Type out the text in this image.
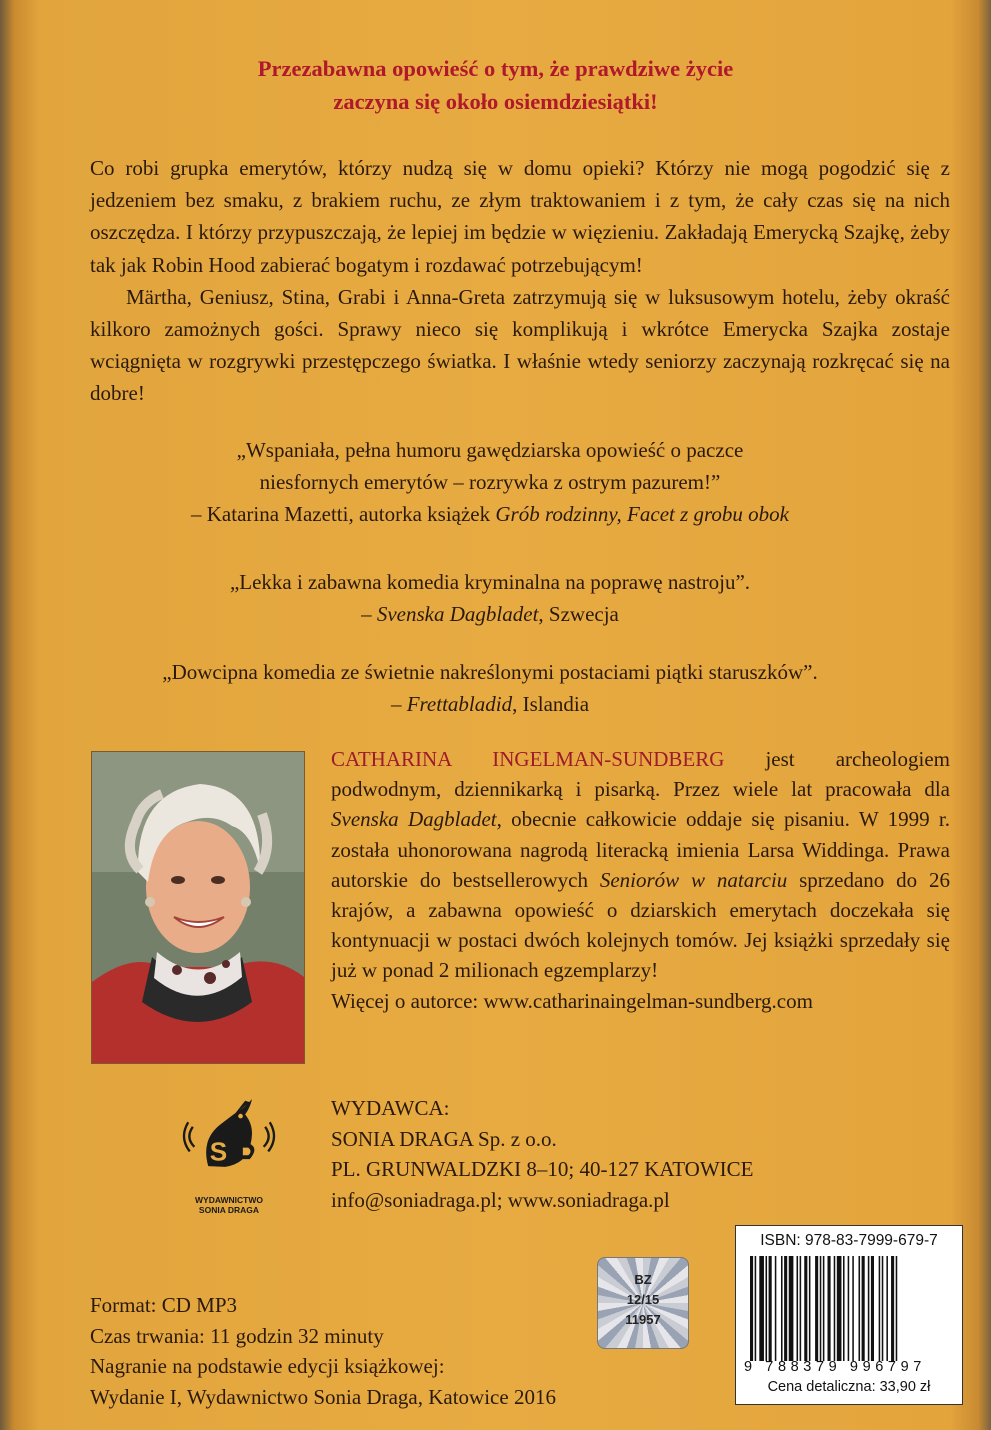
Przezabawna opowieść o tym, że prawdziwe życie
zaczyna się około osiemdziesiątki!

Co robi grupka emerytów, którzy nudzą się w domu opieki? Którzy nie mogą pogodzić się z jedzeniem bez smaku, z brakiem ruchu, ze złym traktowaniem i z tym, że cały czas się na nich oszczędza. I którzy przypuszczają, że lepiej im będzie w więzieniu. Zakładają Emerycką Szajkę, żeby tak jak Robin Hood zabierać bogatym i rozdawać potrzebującym!

Märtha, Geniusz, Stina, Grabi i Anna-Greta zatrzymują się w luksusowym hotelu, żeby okraść kilkoro zamożnych gości. Sprawy nieco się komplikują i wkrótce Emerycka Szajka zostaje wciągnięta w rozgrywki przestępczego światka. I właśnie wtedy seniorzy zaczynają rozkręcać się na dobre!

„Wspaniała, pełna humoru gawędziarska opowieść o paczce
niesfornych emerytów – rozrywka z ostrym pazurem!”
– Katarina Mazetti, autorka książek Grób rodzinny, Facet z grobu obok
„Lekka i zabawna komedia kryminalna na poprawę nastroju”.
– Svenska Dagbladet, Szwecja
„Dowcipna komedia ze świetnie nakreślonymi postaciami piątki staruszków”.
– Frettabladid, Islandia

CATHARINA INGELMAN-SUNDBERG jest archeologiem podwodnym, dziennikarką i pisarką. Przez wiele lat pracowała dla Svenska Dagbladet, obecnie całkowicie oddaje się pisaniu. W 1999 r. została uhonorowana nagrodą literacką imienia Larsa Widdinga. Prawa autorskie do bestsellerowych Seniorów w natarciu sprzedano do 26 krajów, a zabawna opowieść o dziarskich emerytach doczekała się kontynuacji w postaci dwóch kolejnych tomów. Jej książki sprzedały się już w ponad 2 milionach egzemplarzy!

Więcej o autorce: www.catharinaingelman-sundberg.com

S
WYDAWNICTWO
SONIA DRAGA
WYDAWCA:
SONIA DRAGA Sp. z o.o.
PL. GRUNWALDZKI 8–10; 40-127 KATOWICE
info@soniadraga.pl; www.soniadraga.pl
Format: CD MP3
Czas trwania: 11 godzin 32 minuty
Nagranie na podstawie edycji książkowej:
Wydanie I, Wydawnictwo Sonia Draga, Katowice 2016
BZ
12/15
11957
ISBN: 978-83-7999-679-7
9 788379 996797
Cena detaliczna: 33,90 zł
